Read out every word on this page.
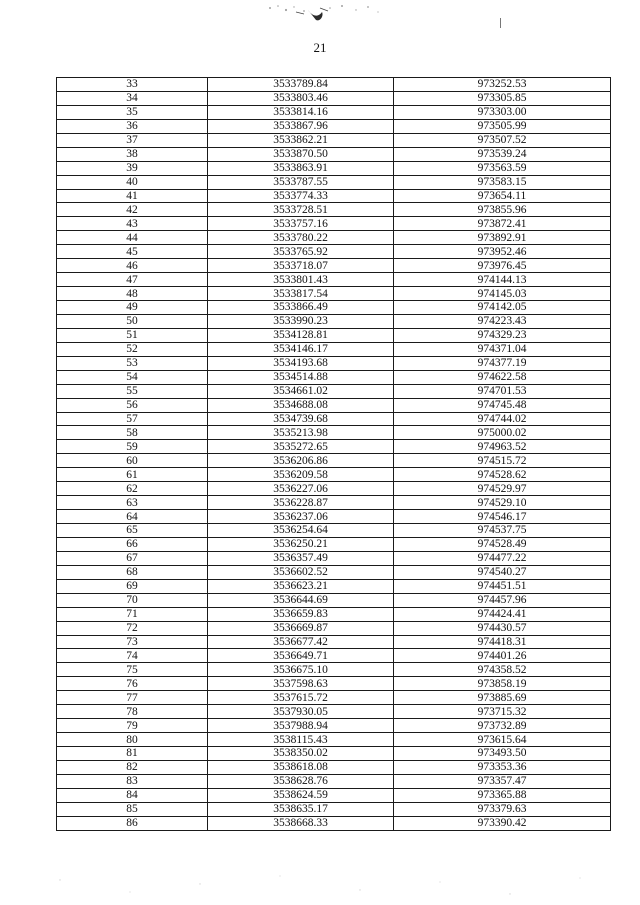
21
33	3533789.84	973252.53
34	3533803.46	973305.85
35	3533814.16	973303.00
36	3533867.96	973505.99
37	3533862.21	973507.52
38	3533870.50	973539.24
39	3533863.91	973563.59
40	3533787.55	973583.15
41	3533774.33	973654.11
42	3533728.51	973855.96
43	3533757.16	973872.41
44	3533780.22	973892.91
45	3533765.92	973952.46
46	3533718.07	973976.45
47	3533801.43	974144.13
48	3533817.54	974145.03
49	3533866.49	974142.05
50	3533990.23	974223.43
51	3534128.81	974329.23
52	3534146.17	974371.04
53	3534193.68	974377.19
54	3534514.88	974622.58
55	3534661.02	974701.53
56	3534688.08	974745.48
57	3534739.68	974744.02
58	3535213.98	975000.02
59	3535272.65	974963.52
60	3536206.86	974515.72
61	3536209.58	974528.62
62	3536227.06	974529.97
63	3536228.87	974529.10
64	3536237.06	974546.17
65	3536254.64	974537.75
66	3536250.21	974528.49
67	3536357.49	974477.22
68	3536602.52	974540.27
69	3536623.21	974451.51
70	3536644.69	974457.96
71	3536659.83	974424.41
72	3536669.87	974430.57
73	3536677.42	974418.31
74	3536649.71	974401.26
75	3536675.10	974358.52
76	3537598.63	973858.19
77	3537615.72	973885.69
78	3537930.05	973715.32
79	3537988.94	973732.89
80	3538115.43	973615.64
81	3538350.02	973493.50
82	3538618.08	973353.36
83	3538628.76	973357.47
84	3538624.59	973365.88
85	3538635.17	973379.63
86	3538668.33	973390.42
